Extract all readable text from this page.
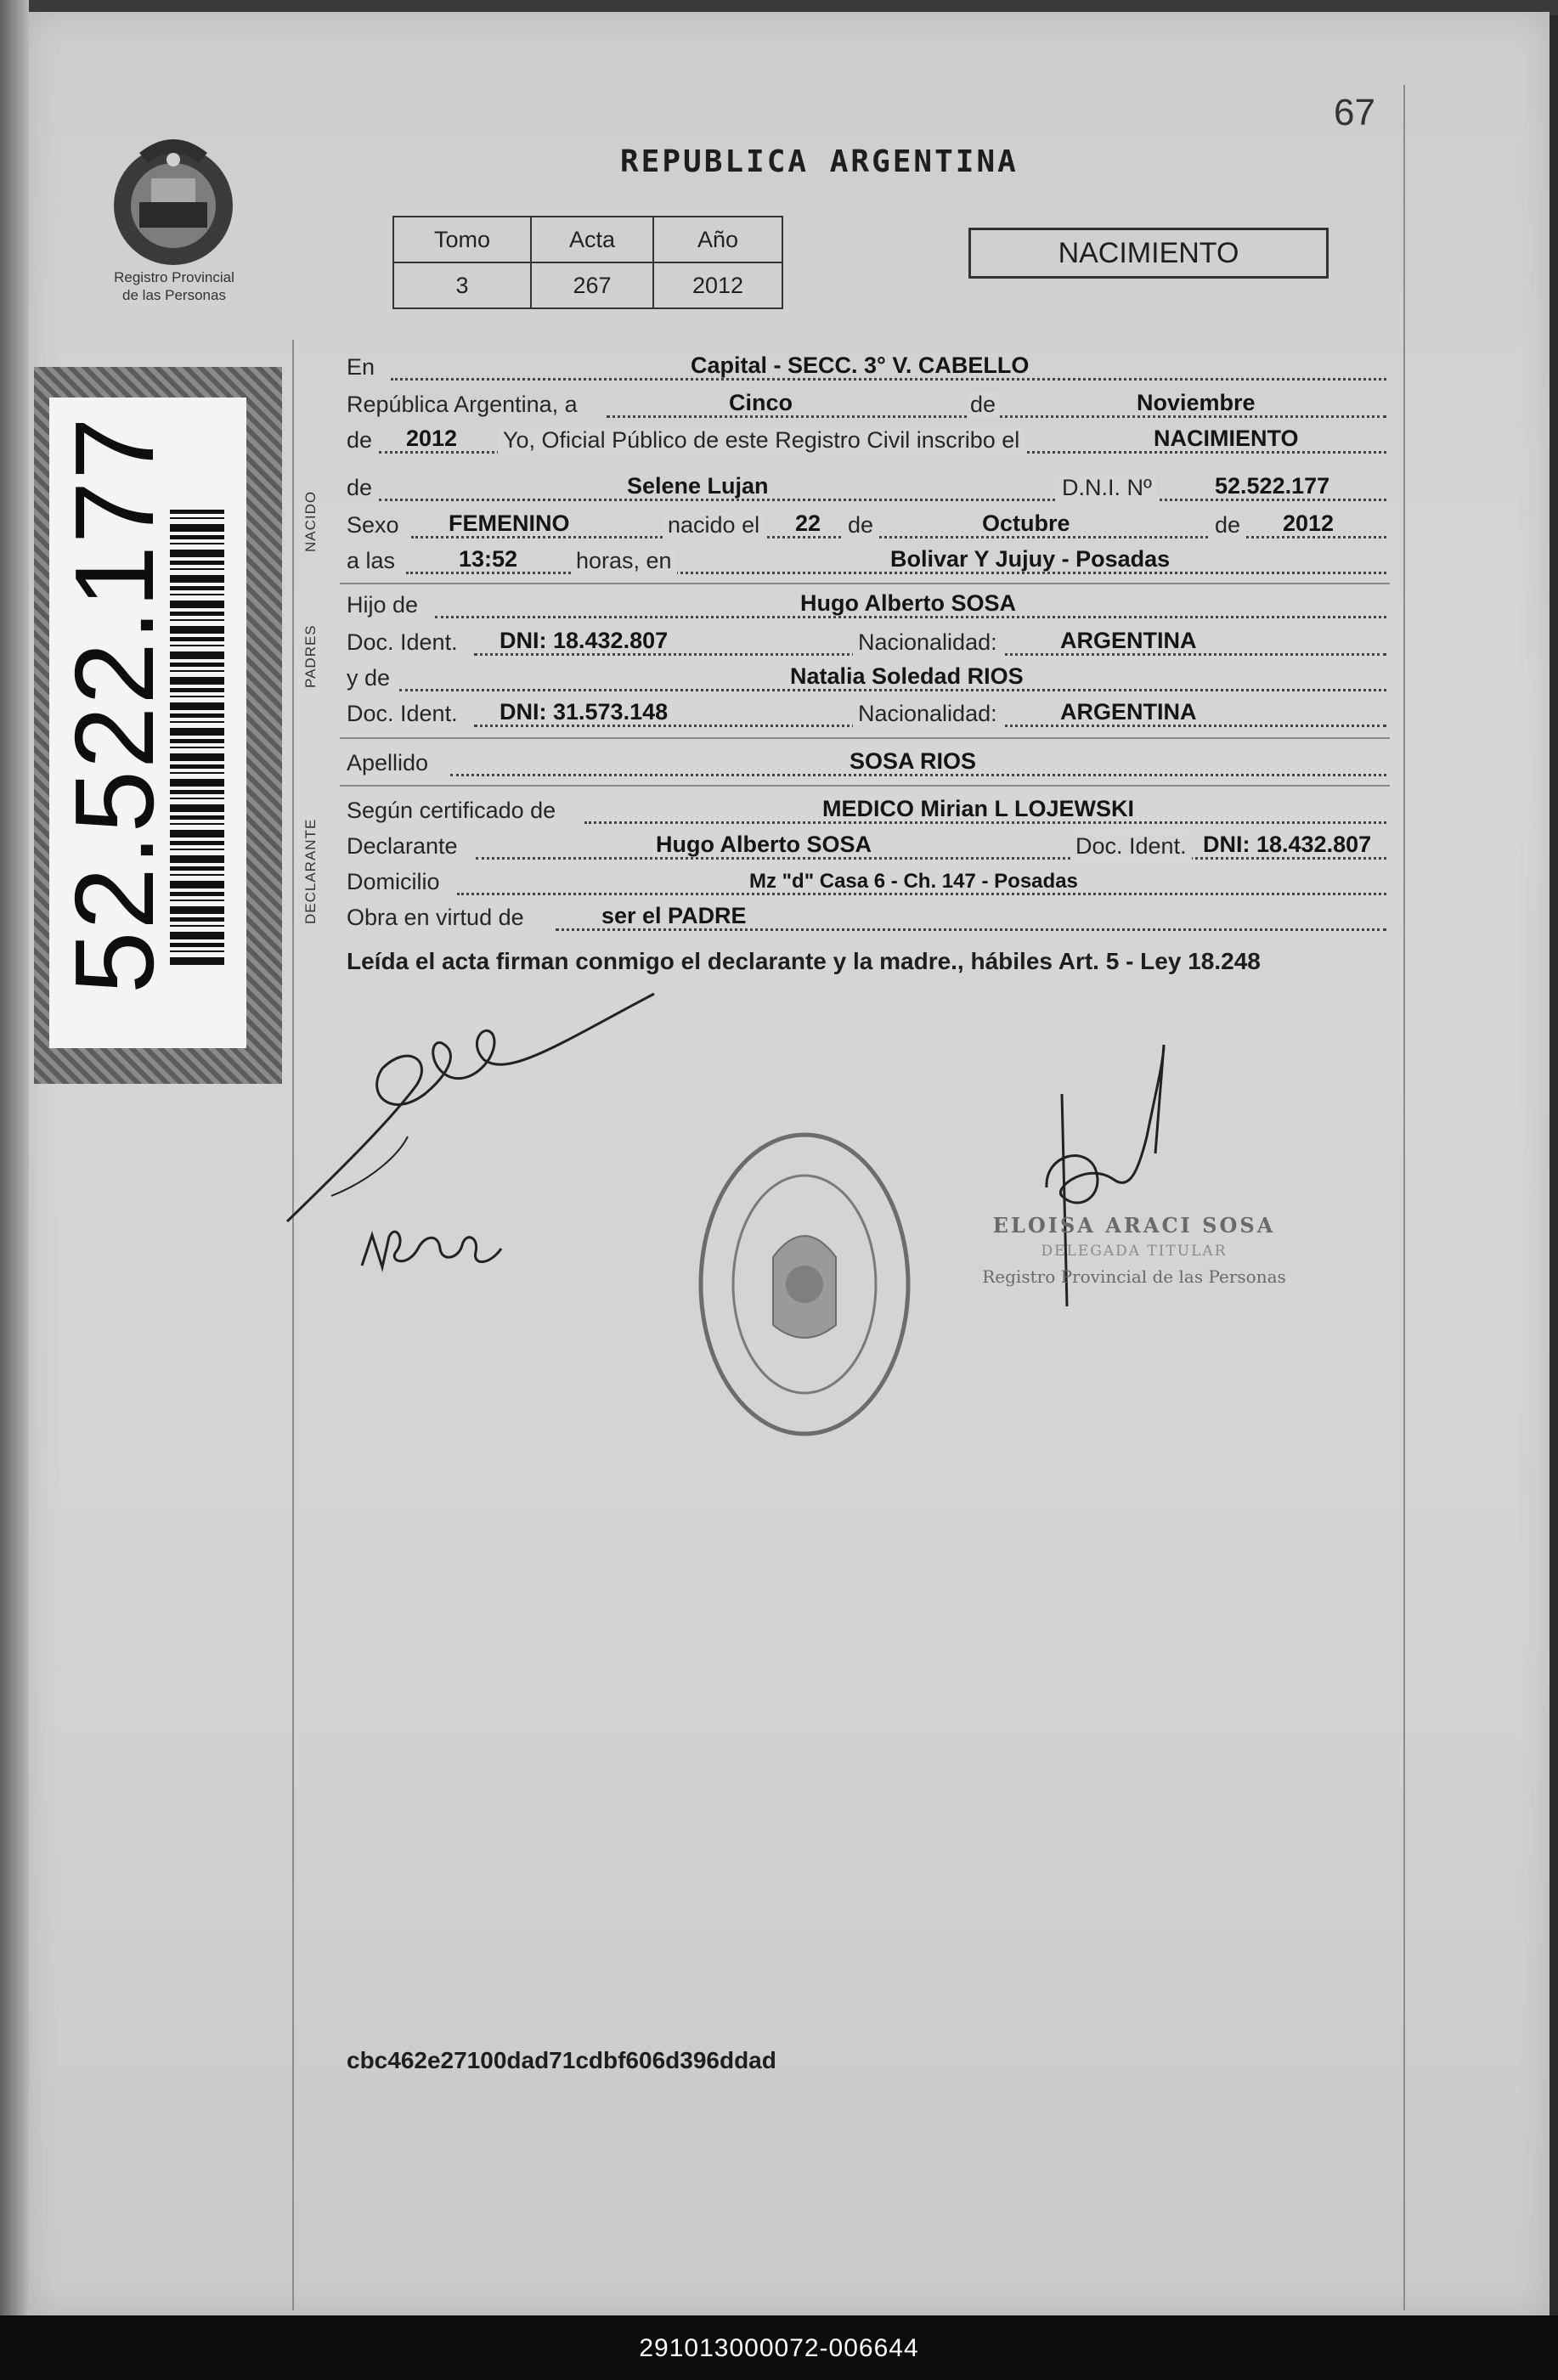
67
REPUBLICA ARGENTINA
Registro Provincial
de las Personas
52.522.177
Tomo	Acta	Año
3	267	2012
NACIMIENTO
NACIDO
PADRES
DECLARANTE
En	Capital - SECC. 3° V. CABELLO
República Argentina, a	Cinco	de	Noviembre
de 2012 Yo, Oficial Público de este Registro Civil inscribo el	NACIMIENTO
de	Selene Lujan	D.N.I. Nº	52.522.177
Sexo FEMENINO	nacido el 22 de	Octubre	de 2012
a las	13:52	horas, en	Bolivar Y Jujuy - Posadas
Hijo de	Hugo Alberto SOSA
Doc. Ident. DNI: 18.432.807	Nacionalidad:	ARGENTINA
y de	Natalia Soledad RIOS
Doc. Ident. DNI: 31.573.148	Nacionalidad:	ARGENTINA
Apellido	SOSA RIOS
Según certificado de	MEDICO Mirian L LOJEWSKI
Declarante	Hugo Alberto SOSA	Doc. Ident. DNI: 18.432.807
Domicilio	Mz "d" Casa 6 - Ch. 147 - Posadas
Obra en virtud de	ser el PADRE
Leída el acta firman conmigo el declarante y la madre., hábiles Art. 5 - Ley 18.248
ELOISA ARACI SOSA
DELEGADA TITULAR
Registro Provincial de las Personas
cbc462e27100dad71cdbf606d396ddad
291013000072-006644
